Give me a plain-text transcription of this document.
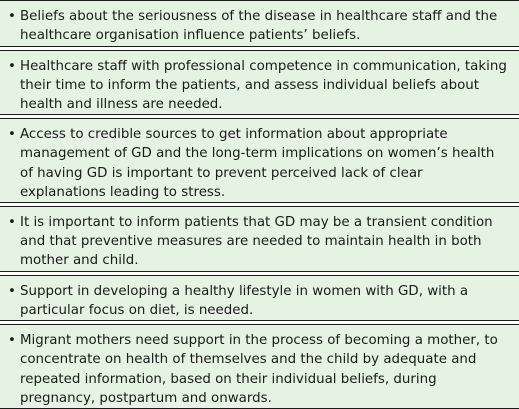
• Beliefs about the seriousness of the disease in healthcare staff and the healthcare organisation influence patients’ beliefs.
• Healthcare staff with professional competence in communication, taking their time to inform the patients, and assess individual beliefs about health and illness are needed.
• Access to credible sources to get information about appropriate management of GD and the long-term implications on women’s health of having GD is important to prevent perceived lack of clear explanations leading to stress.
• It is important to inform patients that GD may be a transient condition and that preventive measures are needed to maintain health in both mother and child.
• Support in developing a healthy lifestyle in women with GD, with a particular focus on diet, is needed.
• Migrant mothers need support in the process of becoming a mother, to concentrate on health of themselves and the child by adequate and repeated information, based on their individual beliefs, during pregnancy, postpartum and onwards.
